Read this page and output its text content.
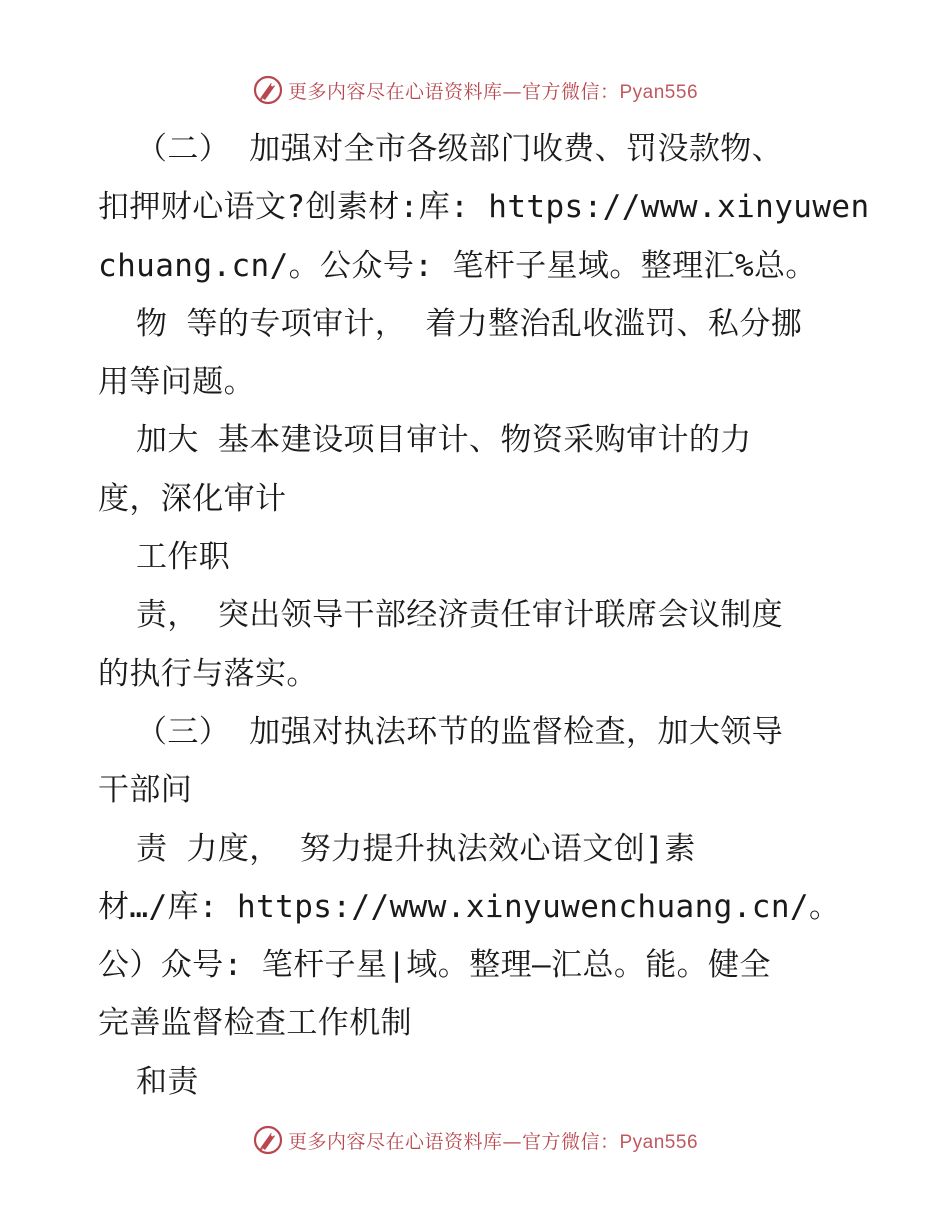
更多内容尽在心语资料库—官方微信：Pyan556
（二） 加强对全市各级部门收费、罚没款物、
扣押财心语文?创素材:库: https://www.xinyuwen
chuang.cn/。公众号: 笔杆子星域。整理汇%总。
物 等的专项审计， 着力整治乱收滥罚、私分挪
用等问题。
加大 基本建设项目审计、物资采购审计的力
度，深化审计
工作职
责， 突出领导干部经济责任审计联席会议制度
的执行与落实。
（三） 加强对执法环节的监督检查，加大领导
干部问
责 力度， 努力提升执法效心语文创]素
材…/库: https://www.xinyuwenchuang.cn/。
公）众号: 笔杆子星|域。整理—汇总。能。健全
完善监督检查工作机制
和责
更多内容尽在心语资料库—官方微信：Pyan556
